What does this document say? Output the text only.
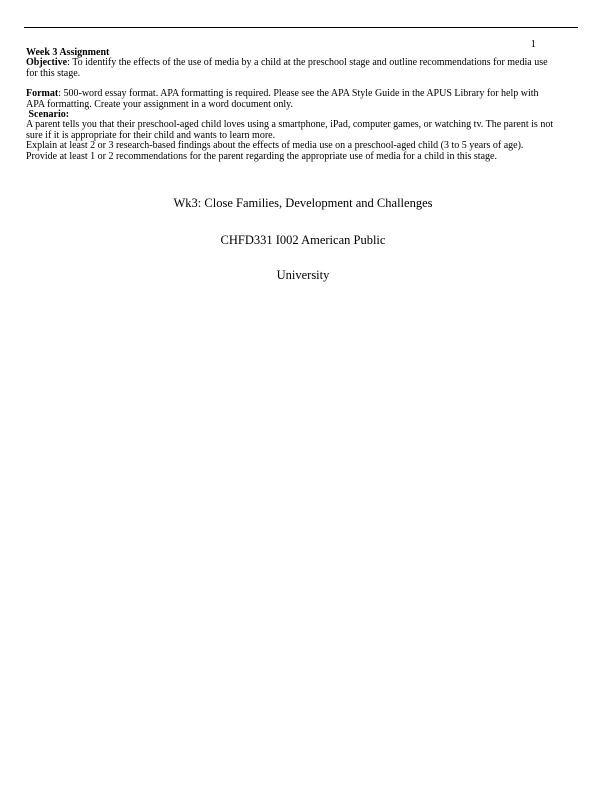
1

Week 3 Assignment

Objective: To identify the effects of the use of media by a child at the preschool stage and outline recommendations for media use for this stage.

Format: 500-word essay format. APA formatting is required. Please see the APA Style Guide in the APUS Library for help with APA formatting. Create your assignment in a word document only.

Scenario:

A parent tells you that their preschool-aged child loves using a smartphone, iPad, computer games, or watching tv. The parent is not sure if it is appropriate for their child and wants to learn more.

Explain at least 2 or 3 research-based findings about the effects of media use on a preschool-aged child (3 to 5 years of age).

Provide at least 1 or 2 recommendations for the parent regarding the appropriate use of media for a child in this stage.

Wk3: Close Families, Development and Challenges
CHFD331 I002 American Public
University
